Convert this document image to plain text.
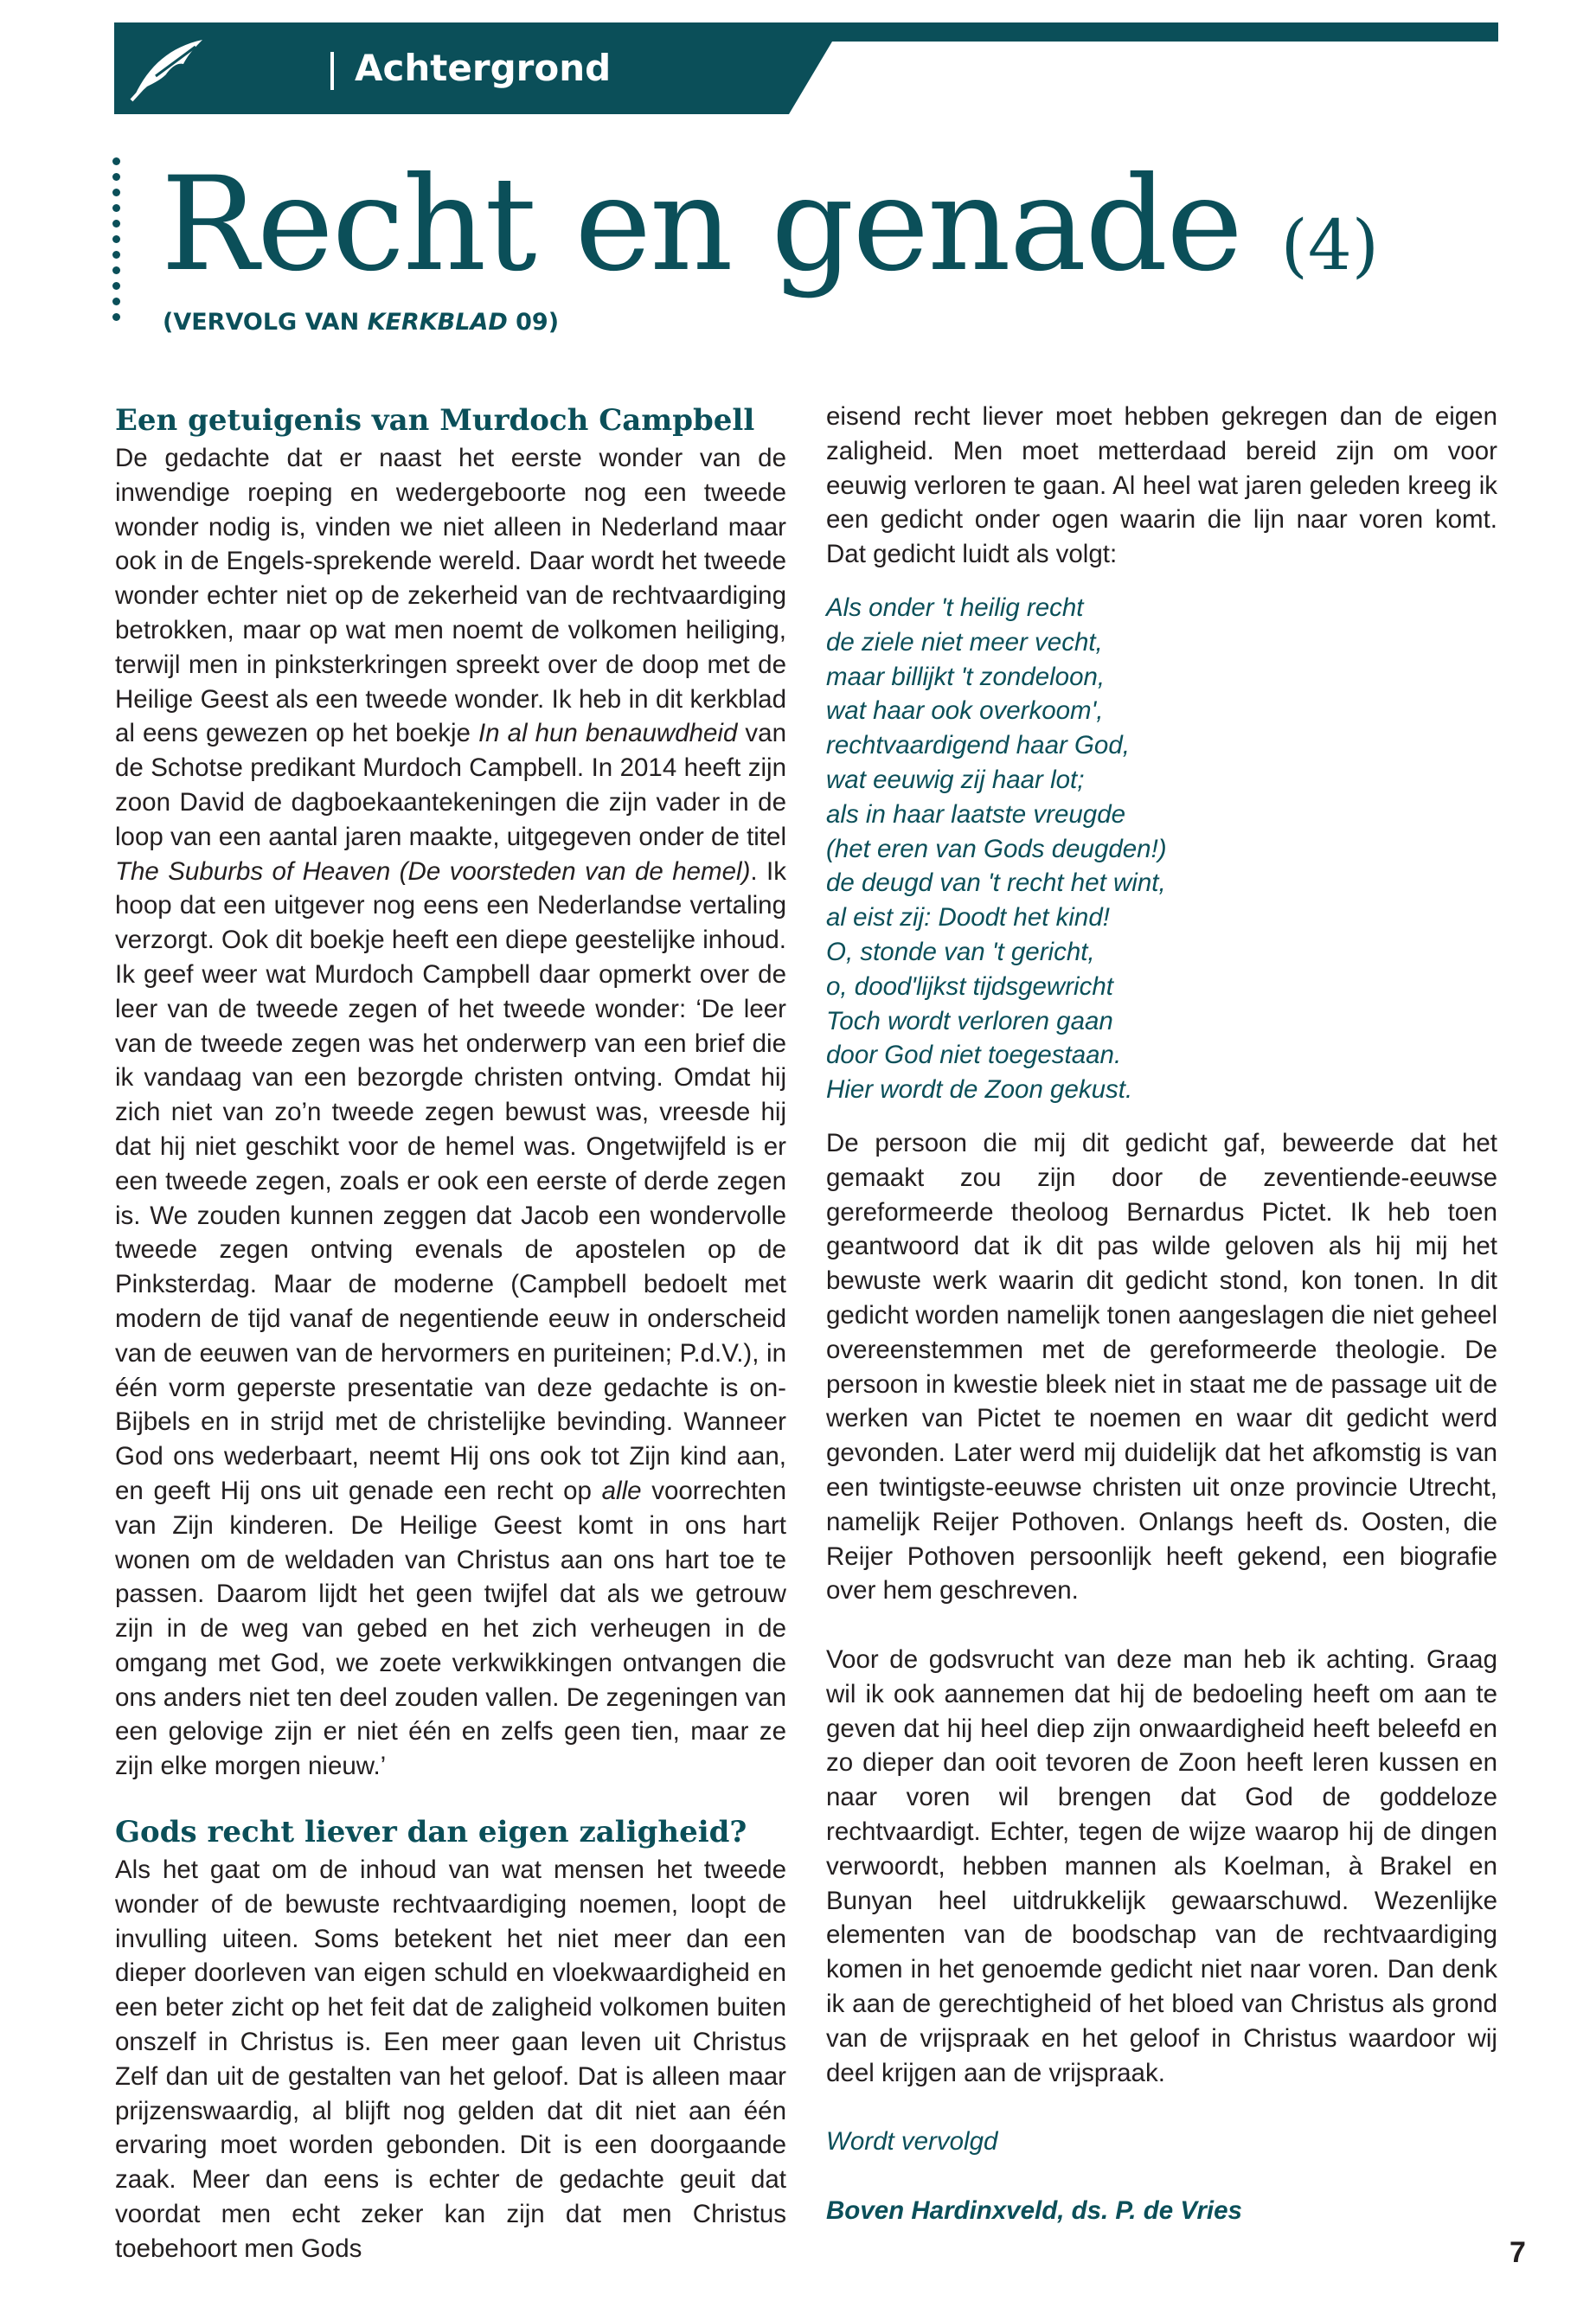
Achtergrond
Recht en genade (4)
(VERVOLG VAN KERKBLAD 09)
Een getuigenis van Murdoch Campbell

De gedachte dat er naast het eerste wonder van de inwendige roeping en wedergeboorte nog een tweede wonder nodig is, vinden we niet alleen in Nederland maar ook in de Engels-sprekende wereld. Daar wordt het tweede wonder echter niet op de zekerheid van de rechtvaardiging betrokken, maar op wat men noemt de volkomen heiliging, terwijl men in pinksterkringen spreekt over de doop met de Heilige Geest als een tweede wonder. Ik heb in dit kerkblad al eens gewezen op het boekje In al hun benauwdheid van de Schotse predikant Murdoch Campbell. In 2014 heeft zijn zoon David de dagboekaantekeningen die zijn vader in de loop van een aantal jaren maakte, uitgegeven onder de titel The Suburbs of Heaven (De voorsteden van de hemel). Ik hoop dat een uitgever nog eens een Nederlandse vertaling verzorgt. Ook dit boekje heeft een diepe geestelijke inhoud. Ik geef weer wat Murdoch Campbell daar opmerkt over de leer van de tweede zegen of het tweede wonder: ‘De leer van de tweede zegen was het onderwerp van een brief die ik vandaag van een bezorgde christen ontving. Omdat hij zich niet van zo’n tweede zegen bewust was, vreesde hij dat hij niet geschikt voor de hemel was. Ongetwijfeld is er een tweede zegen, zoals er ook een eerste of derde zegen is. We zouden kunnen zeggen dat Jacob een wondervolle tweede zegen ontving evenals de apostelen op de Pinksterdag. Maar de moderne (Campbell bedoelt met modern de tijd vanaf de negentiende eeuw in onderscheid van de eeuwen van de hervormers en puriteinen; P.d.V.), in één vorm geperste presentatie van deze gedachte is on-Bijbels en in strijd met de christelijke bevinding. Wanneer God ons wederbaart, neemt Hij ons ook tot Zijn kind aan, en geeft Hij ons uit genade een recht op alle voorrechten van Zijn kinderen. De Heilige Geest komt in ons hart wonen om de weldaden van Christus aan ons hart toe te passen. Daarom lijdt het geen twijfel dat als we getrouw zijn in de weg van gebed en het zich verheugen in de omgang met God, we zoete verkwikkingen ontvangen die ons anders niet ten deel zouden vallen. De zegeningen van een gelovige zijn er niet één en zelfs geen tien, maar ze zijn elke morgen nieuw.’

Gods recht liever dan eigen zaligheid?

Als het gaat om de inhoud van wat mensen het tweede wonder of de bewuste rechtvaardiging noemen, loopt de invulling uiteen. Soms betekent het niet meer dan een dieper doorleven van eigen schuld en vloekwaardigheid en een beter zicht op het feit dat de zaligheid volkomen buiten onszelf in Christus is. Een meer gaan leven uit Christus Zelf dan uit de gestalten van het geloof. Dat is alleen maar prijzenswaardig, al blijft nog gelden dat dit niet aan één ervaring moet worden gebonden. Dit is een doorgaande zaak. Meer dan eens is echter de gedachte geuit dat voordat men echt zeker kan zijn dat men Christus toebehoort men Gods

eisend recht liever moet hebben gekregen dan de eigen zaligheid. Men moet metterdaad bereid zijn om voor eeuwig verloren te gaan. Al heel wat jaren geleden kreeg ik een gedicht onder ogen waarin die lijn naar voren komt. Dat gedicht luidt als volgt:

Als onder 't heilig recht
de ziele niet meer vecht,
maar billijkt 't zondeloon,
wat haar ook overkoom',
rechtvaardigend haar God,
wat eeuwig zij haar lot;
als in haar laatste vreugde
(het eren van Gods deugden!)
de deugd van 't recht het wint,
al eist zij: Doodt het kind!
O, stonde van 't gericht,
o, dood'lijkst tijdsgewricht
Toch wordt verloren gaan
door God niet toegestaan.
Hier wordt de Zoon gekust.

De persoon die mij dit gedicht gaf, beweerde dat het gemaakt zou zijn door de zeventiende-eeuwse gereformeerde theoloog Bernardus Pictet. Ik heb toen geantwoord dat ik dit pas wilde geloven als hij mij het bewuste werk waarin dit gedicht stond, kon tonen. In dit gedicht worden namelijk tonen aangeslagen die niet geheel overeenstemmen met de gereformeerde theologie. De persoon in kwestie bleek niet in staat me de passage uit de werken van Pictet te noemen en waar dit gedicht werd gevonden. Later werd mij duidelijk dat het afkomstig is van een twintigste-eeuwse christen uit onze provincie Utrecht, namelijk Reijer Pothoven. Onlangs heeft ds. Oosten, die Reijer Pothoven persoonlijk heeft gekend, een biografie over hem geschreven.

Voor de godsvrucht van deze man heb ik achting. Graag wil ik ook aannemen dat hij de bedoeling heeft om aan te geven dat hij heel diep zijn onwaardigheid heeft beleefd en zo dieper dan ooit tevoren de Zoon heeft leren kussen en naar voren wil brengen dat God de goddeloze rechtvaardigt. Echter, tegen de wijze waarop hij de dingen verwoordt, hebben mannen als Koelman, à Brakel en Bunyan heel uitdrukkelijk gewaarschuwd. Wezenlijke elementen van de boodschap van de rechtvaardiging komen in het genoemde gedicht niet naar voren. Dan denk ik aan de gerechtigheid of het bloed van Christus als grond van de vrijspraak en het geloof in Christus waardoor wij deel krijgen aan de vrijspraak.

Wordt vervolgd

Boven Hardinxveld, ds. P. de Vries

7
